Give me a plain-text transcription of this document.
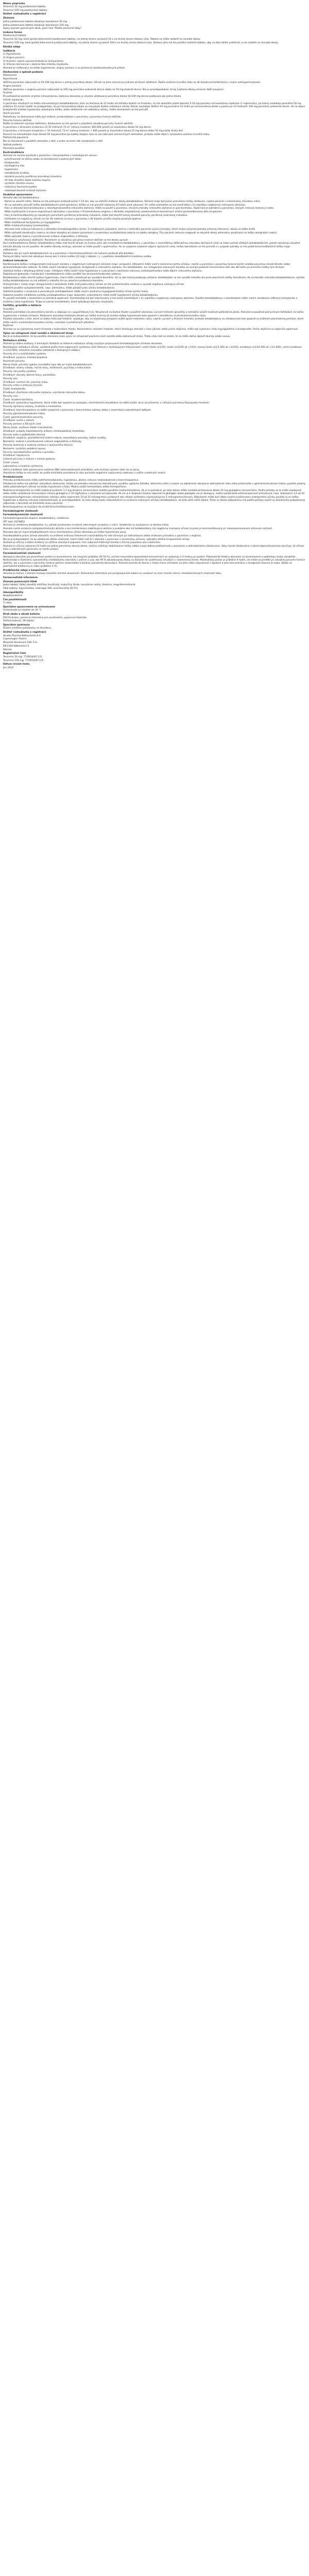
Názov prípravku
Tenormin 50 mg potahované tablety
Tenormin 100 mg potahované tablety
Držiteľ rozhodnutia o registrácii
Zloženie
Jedna potahovaná tableta obsahuje atenololum 50 mg.
Jedna potahovaná tableta obsahuje atenololum 100 mg.
Úplný zoznam pomocných látok, pozri časť "Ďalšie pomocné látky".
Liekova forma
Potahovaná tableta.
Tenormin 50 mg: biele guľaté bikonvexné potahované tablety, na jednej strane vyrazené 50 a na druhej strane deliaca ryha. Tableta sa môže rozdeliť na rovnaké dávky.
Tenormin 100 mg: biele guľaté bikonvexné potahované tablety, na jednej strane vyrazené 100 a na druhej strane deliaca ryha. Deliaca ryha má iba pomôcť rozlomiť tabletu, aby sa dala ľahšie prehltnúť, a nie rozdeliť na rovnaké dávky.
Kliniká údaje
Indikácie
1) Hypertenzia.
2) Angina pectoris.
3) Arytmie, najmä supraventrikulárne tachyarytmie.
4) Včasná intervencia v akútnej fáze infarktu myokardu.
Atenolol je indikovaný na liečbu hypertenzie, angíny pectoris a na prevenciu kardiovaskulárnych príhod.
Dávkovanie a spôsob podania
Dávkovanie
Hypertenzia
Väčšina pacientov odpovedá na 50-100 mg denne v jednej perorálnej dávke. Účinok sa plne rozvinie po jednom až dvoch týždňoch. Ďalšie zníženie krvného tlaku sa dá dosiahnuť kombináciou s inými antihypertenzívami.
Angina pectoris
Väčšina pacientov s angínou pectoris odpovedá na 100 mg perorálne jedenkrát denne alebo na 50 mg dvakrát denne. Nie je pravdepodobné, že by zvýšenie dávky prinieslo ďalší prospech.
Arytmie
Po počiatočnej kontrole arytmie intravenóznou injekciou atenololu je vhodná udržiavacia perorálna dávka 50-100 mg denne podávaná ako jedna dávka.
Infarkt myokardu
U pacientov vhodných na liečbu intravenóznym betablokátorom, ktorí sa dostavia do 12 hodín od začiatku bolesti na hrudníku, sa má okamžite podať atenolol 5-10 mg pomalou intravenóznou injekciou (1 mg/minútu), po ktorej nasleduje perorálne 50 mg približne 15 minút neskôr za predpokladu, že po intravenóznej dávke sa nevyskytli žiadne nežiaduce účinky. Potom nasleduje ďalších 50 mg perorálne 12 hodín po intravenóznej dávke a potom po 12 hodinách 100 mg perorálne jedenkrát denne. Ak sa objaví bradykardia a/alebo hypotenzia vyžadujúca liečbu, alebo akékoľvek iné nežiaduce účinky, liečba atenololom sa má prerušiť.
Starší pacienti
Požiadavky na dávkovanie môžu byť znížené, predovšetkým u pacientov s poruchou funkcie obličiek.
Porucha funkcie obličiek
Keďže sa atenolol vylučuje obličkami, dávkovanie sa má upraviť v prípadoch závažnej poruchy funkcie obličiek.
U pacientov s klírensom kreatinínu 15-35 ml/min/1,73 m² (sérový kreatinín 300-600 µmol/l) je maximálna dávka 50 mg denne.
U pacientov s klírensom kreatinínu < 15 ml/min/1,73 m² (sérový kreatinín > 600 µmol/l) je maximálna dávka 25 mg denne alebo 50 mg každý druhý deň.
Pacienti na hemodialýze majú dostať 50 mg perorálne po každej dialýze; toto sa má robiť pod nemocničným dohľadom, pretože môže dôjsť k výraznému poklesu krvného tlaku.
Pediatrická populácia
Nie sú skúsenosti s použitím atenololu u detí, a preto sa tento liek neodporúča u detí.
Spôsob podania
Perorálne použitie.
Kontraindikácie
Atenolol sa nesmie používať u pacientov s ktorýmkoľvek z nasledujúcich stavov:
- precitlivenosť na liečivo alebo na ktorúkoľvek z pomocných látok;
- bradykardia;
- kardiogénny šok;
- hypotenzia;
- metabolická acidóza;
- závažné poruchy periférnej arteriálnej cirkulácie;
- AV blok druhého alebo tretieho stupňa;
- syndróm chorého sínusu;
- neliečený feochromocytóm;
- nekompenzované srdcové zlyhanie.
Osobitné upozornenia
Atenolol ako iné betablokátory:
- Nemá sa ukončiť náhle. Dávka sa má postupne znižovať počas 7-14 dní, aby sa uľahčilo zníženie dávky betablokátora. Pacienti majú byť počas prerušenia liečby sledovaní, najmä pacienti s ischemickou chorobou srdca.
- Ak sa rozhodne prerušiť liečbu betablokátormi pred operáciou, liečba sa má prerušiť najmenej 24 hodín pred výkonom. Pri voľbe anestetika sa má zvoliť látka s čo najnižšou negatívnou inotropnou aktivitou.
- Hoci je atenolol kontraindikovaný u nekompenzovaného srdcového zlyhania, môže sa použiť u pacientov, ktorých príznaky srdcového zlyhania sú pod kontrolou. Opatrnosť je potrebná u pacientov, ktorých srdcová rezerva je nízka.
- Môže zvýšiť počet a trvanie anginóznych záchvatov u pacientov s Prinzmetalovou angínou v dôsledku nepotlačenej vazokonstrikcie koronárnych artérií sprostredkovanej alfa-receptormi.
- Hoci je kontraindikovaný pri závažných poruchách periférnej arteriálnej cirkulácie, môže tiež zhoršiť menej závažné poruchy periférnej arteriálnej cirkulácie.
- Vzhľadom na negatívny účinok na čas AV vedenia sa musí u pacientov s AV blokom prvého stupňa používať opatrne.
- Môže modifikovať tachykardiu pri hypoglykémii.
- Môže maskovať prejavy tyreotoxikózy.
- Atenolol zníži srdcovú frekvenciu v dôsledku farmakologického účinku. V zriedkavých prípadoch, keď sa u liečeného pacienta vyvinú príznaky, ktoré možno pripísať pomalej srdcovej frekvencii, dávka sa môže znížiť.
- Môže spôsobiť závažnejšiu reakciu na rôzne alergény pri podaní pacientom s anamnézou anafylaktickej reakcie na takéto alergény. Títo pacienti nemusia reagovať na obvyklé dávky adrenalínu používané na liečbu alergických reakcií.
- Môže spôsobiť reakciu z precitlivenosti vrátane angioedému a žihľavky.
- Atenolol je vylučovaný obličkami. Pacientom so závažnou poruchou funkcie obličiek sa má dávka upraviť.
Hoci kardioselektívne (beta1) betablokátory môžu mať menší účinok na funkciu pľúc ako neselektívne betablokátory, u pacientov s reverzibilnou obštrukčnou chorobou dýchacích ciest sa treba vyhnúť všetkým betablokátorom, pokiaľ neexistujú závažné klinické dôvody na ich použitie. Ak takéto dôvody existujú, atenolol sa môže použiť s opatrnosťou. Ak sa vyskytne zvýšenie odporu dýchacích ciest, liečba atenololom sa má prerušiť a v prípade potreby sa má podať bronchodilatačná liečba (napr. salbutamol).
Podobne ako pri iných betablokátoroch sa u pacientov s feochromocytómom má súčasne podávať alfa-blokátor.
Pomocné látky: tento liek obsahuje menej ako 1 mmol sodíka (23 mg) v tablete, t.j. v podstate zanedbateľné množstvo sodíka.
Liekové interakcie
Kombinovaná liečba s antagonistami kalciových kanálov s negatívnym inotropným účinkom (napr. verapamil, diltiazem) môže viesť k zosilneniu týchto účinkov, najmä u pacientov s poruchou funkcie komôr a/alebo poruchou sinoatriálneho alebo atrioventrikulárneho vedenia. To môže viesť k závažnej hypotenzii, bradykardii a srdcovému zlyhaniu. Ani betablokátor, ani antagonista kalciových kanálov sa nemajú podávať intravenózne skôr ako 48 hodín po prerušení liečby tým druhým.
Súbežná liečba s dihydropyridínmi (napr. nifedipín) môže zvýšiť riziko hypotenzie a u pacientov s latentnou srdcovou nedostatočnosťou môže dôjsť k srdcovému zlyhaniu.
Digitálisové glykozidy v kombinácii s betablokátormi môžu predĺžiť čas atrioventrikulárneho vedenia.
Betablokátory môžu zhoršiť spätnú hypertenziu, ktorá môže nasledovať po vysadení klonidínu. Ak sa obe liečivá podávajú súčasne, betablokátor sa má vysadiť niekoľko dní pred ukončením liečby klonidínom. Ak sa klonidín nahrádza betablokátorom, začatie liečby betablokátorom sa má oddialiť o niekoľko dní po ukončení podávania klonidínu.
Antiarytmiká I. triedy (napr. dizopyramid) a amiodarón môžu mať potenciačný účinok na čas predsieňového vedenia a vyvolať negatívny inotropný účinok.
Súbežné použitie sympatomimetík, napr. adrenalínu, môže pôsobiť proti účinku betablokátorov.
Súbežné použitie s inzulínom a perorálnymi antidiabetikami môže viesť k zosilneniu hypoglykemického účinku týchto liekov.
Súbežné použitie inhibítorov syntézy prostaglandínov (napr. ibuprofén, indometacín) môže znížiť hypotenzné účinky betablokátorov.
Pri použití anestetík s atenololom je potrebná opatrnosť. Anesteziológ má byť informovaný a má zvoliť anestetikum s čo najnižšou negatívnou inotropnou aktivitou. Použitie betablokátorov s anestetikami môže viesť k zoslabeniu reflexnej tachykardie a zvýšeniu rizika hypotenzie. Treba sa vyhnúť anestetikám, ktoré spôsobujú depresiu myokardu.
Fertilita, gravidita a laktácia
Gravidita
Atenolol prechádza cez placentárnu bariéru a objavuje sa v pupočníkovej krvi. Nevykonali sa žiadne štúdie s použitím atenololu v prvom trimestri gravidity a nemožno vylúčiť možnosť poškodenia plodu. Atenolol sa používal pod prísnym dohľadom na liečbu hypertenzie v treťom trimestri. Podávanie atenololu tehotným ženám pri liečbe miernej až stredne ťažkej hypertenzie bolo spojené s retardáciou vnútromaternicového rastu.
Použitie atenololu u žien, ktoré sú alebo môžu byť tehotné, vyžaduje, aby sa očakávaný prospech zvážil oproti možnému riziku, najmä v prvom a druhom trimestri, pretože betablokátory vo všeobecnosti boli spojené so znížením placentárnej perfúzie, ktoré môže viesť k vnútromaternicovému úmrtiu, nezrelým a predčasným pôrodom.
Dojčenie
Atenolol sa vo významnej miere hromadí v materskom mlieku. Novorodenci narodení matkám, ktoré dostávajú atenolol v čase pôrodu alebo počas dojčenia, môžu byť vystavení riziku hypoglykémie a bradykardie. Počas dojčenia sa odporúča opatrnosť.
Vplyv na schopnosť viesť vozidlá a obsluhovať stroje
Nie je pravdepodobné, že by použitie atenololu malo vplyv na schopnosť pacienta viesť vozidlá alebo obsluhovať stroje. Treba však mať na zreteli, že sa môžu občas objaviť závraty alebo únava.
Nežiaduce účinky
Atenolol je dobre znášaný. V klinických štúdiách sú hlásené nežiaduce účinky zvyčajne pripisované farmakologickým účinkom atenololu.
Nasledujúce nežiaduce účinky, uvedené podľa tried orgánových systémov, boli hlásené s nasledujúcimi frekvenciami: veľmi časté (≥1/10), časté (≥1/100 až <1/10), menej časté (≥1/1 000 až <1/100), zriedkavé (≥1/10 000 až <1/1 000), veľmi zriedkavé (<1/10 000), neznáme (nemožno odhadnúť z dostupných údajov).
Poruchy krvi a lymfatického systému
Zriedkavé: purpura, trombocytopénia.
Psychické poruchy
Menej časté: poruchy spánku rovnakého typu ako pri iných betablokátoroch.
Zriedkavé: zmeny nálady, nočné mory, zmätenosť, psychózy a halucinácie.
Poruchy nervového systému
Zriedkavé: závraty, bolesti hlavy, parestézia.
Poruchy oka
Zriedkavé: suchosť očí, poruchy zraku.
Poruchy srdca a srdcovej činnosti
Časté: bradykardia.
Zriedkavé: zhoršenie srdcového zlyhania, urýchlenie srdcového bloku.
Poruchy ciev
Časté: studené končatiny.
Zriedkavé: posturálna hypotenzia, ktorá môže byť spojená so synkopou, intermitentná klaudikácia sa môže zvýšiť, ak je už prítomná, u citlivých pacientov Raynaudov fenomén.
Poruchy dýchacej sústavy, hrudníka a mediastína
Zriedkavé: bronchospazmus sa môže vyskytnúť u pacientov s bronchiálnou astmou alebo s anamnézou astmatických ťažkostí.
Poruchy gastrointestinálneho traktu
Časté: gastrointestinálne poruchy.
Zriedkavé: sucho v ústach.
Poruchy pečene a žlčových ciest
Menej časté: zvýšenie hladín transamináz.
Zriedkavé: prípady hepatotoxicity vrátane intrahepatálnej cholestázy.
Poruchy kože a podkožného tkaniva
Zriedkavé: alopécia, psoriatiformné kožné reakcie, exacerbácia psoriázy, kožné vyrážky.
Neznáme: reakcie z precitlivenosti vrátane angioedému a žihľavky.
Poruchy kostrovej a svalovej sústavy a spojivového tkaniva
Neznáme: syndróm podobný lupusu.
Poruchy reprodukčného systému a prsníkov
Zriedkavé: impotencia.
Celkové poruchy a reakcie v mieste podania
Časté: únava.
Laboratórne a funkčné vyšetrenia
Veľmi zriedkavé: bolo pozorované zvýšenie ANA (antinukleárnych protilátok), jeho klinický význam však nie je jasný.
Ukončenie liečby sa má zvážiť, ak podľa klinického posúdenia je stav pacienta negatívne ovplyvnený niektorou z vyššie uvedených reakcií.
Predávkovanie
Príznaky predávkovania môžu zahŕňať bradykardiu, hypotenziu, akútnu srdcovú nedostatočnosť a bronchospazmus.
Všeobecná liečba má zahŕňať: starostlivé sledovanie, liečbu na jednotke intenzívnej starostlivosti, použitie výplachu žalúdka, aktívneho uhlia a laxatív na zabránenie absorpcie akéhokoľvek lieku stále prítomného v gastrointestinálnom trakte, použitie plazmy alebo plazmatických náhrad na liečbu hypotenzie a šoku. Možno zvážiť hemodialýzu alebo hemoperfúziu.
Nadmerná bradykardia sa môže zvládnuť podaním 1-2 mg atropínu intravenózne a/alebo použitím kardiostimulátora. Ak je to potrebné, po tejto dávke môže nasledovať bolusová dávka 10 mg glukagónu intravenózne. Podľa potreby sa to môže zopakovať alebo môže nasledovať intravenózna infúzia glukagónu 1-10 mg/hodinu v závislosti od odpovede. Ak nie je k dispozícii žiadna odpoveď na glukagón alebo glukagón nie je dostupný, možno podať beta-adrenoceptorové stimulanciá, napr. dobutamín 2,5 až 10 mikrogramov/kg/minútu intravenóznou infúziou alebo izoprenalín 10 až 25 mikrogramov podaných ako infúzia rýchlosťou neprevyšujúcou 5 mikrogramov/minútu. Dobutamín môže byť vďaka svojmu pozitívnemu inotropnému účinku použitý aj na liečbu hypotenzie a akútnej srdcovej nedostatočnosti. Je pravdepodobné, že tieto dávky budú nedostatočné na zvrátenie srdcových účinkov betablokátora, ak bola užitá veľká dávka. Preto sa dávka dobutamínu má podľa potreby zvýšiť na dosiahnutie požadovanej odpovede v závislosti od klinického stavu pacienta.
Bronchospazmus sa zvyčajne dá zvrátiť bronchodilatanciami.
Farmakologické vlastnosti
Farmakodynamické vlastnosti
Farmakoterapeutická skupina: betablokátory, selektívne
ATC kód: C07AB03
Atenolol je selektívny betablokátor (t.j. pôsobí prednostne na beta1 adrenergné receptory v srdci). Selektivita sa zvyšujúcou sa dávkou klesá.
Atenolol nemá vnútornú sympatomimetickú aktivitu a ani membránovo stabilizujúcu aktivitu a podobne ako iné betablokátory má negatívny inotropný účinok (a preto je kontraindikovaný pri nekompenzovanom srdcovom zlyhaní).
Rovnako ako pri iných betablokátoroch nie je mechanizmus účinku atenololu pri liečbe hypertenzie jasný.
Pravdepodobne práve účinok atenololu na zníženie srdcovej frekvencie a kontraktility ho robí účinným pri odstraňovaní alebo znižovaní príznakov u pacientov s angínou.
Nie je pravdepodobné, že by akékoľvek ďalšie vlastnosti, ktoré môže mať S(-) atenolol v porovnaní s racemickou zmesou, spôsobili odlišné terapeutické účinky.
Atenolol je účinný a dobre znášaný vo väčšine etnických populácií, hoci odpoveď môže byť menšia u čiernej populácie ako u belochov.
Atenolol je účinný najmenej 24 hodín po jednej perorálnej dennej dávke. Liečivo uľahčuje dodržiavanie liečby vďaka svojej dobrej znášanlivosti u pacientov a jednoduchému dávkovaniu. Úzky rozsah dávkovania a skorá odpoveď pacienta zaručujú, že účinok lieku u jednotlivých pacientov sa rýchlo prejaví.
Farmakokinetické vlastnosti
Absorpcia atenololu po perorálnom podaní je konzistentná, ale neúplná (približne 40-50 %), pričom maximálne plazmatické koncentrácie sa vyskytujú 2-4 hodiny po podaní. Plazmatické hladiny atenololu sú konzistentné a podliehajú malej variabilite. Nedochádza k žiadnemu významnému metabolizmu atenololu v pečeni a viac ako 90 % absorbovanej dávky sa dostane do systémovej cirkulácie v nezmenenej forme. Plazmatický polčas je približne 6 hodín, ale môže sa predĺžiť pri závažnej poruche funkcie obličiek, ale u pacientov s poruchou funkcie pečene nedochádza k žiadnej významnej akumulácii. Atenolol preniká do tkanív v malej miere vzhľadom na jeho nízku rozpustnosť v lipidoch a jeho koncentrácia v mozgovom tkanive je nízka. Väzba na plazmatické bielkoviny je nízka (približne 3 %).
Predklinické údaje o bezpečnosti
Atenolol je liečivo, s ktorým existujú rozsiahle klinické skúsenosti. Relevantné informácie pre predpisujúceho lekára sú uvedené na inom mieste súhrnu charakteristických vlastností lieku.
Farmaceutické informácie
Zoznam pomocných látok
Jadro tablety: ťažký zásaditý uhličitan horečnatý, kukuričný škrob, laurylsíran sodný, želatína, magnéziumstearát.
Obal tablety: hypromelóza, makrogol 300, oxid titaničitý (E171).
Inkompatibility
Neaplikovateľné.
Čas použiteľnosti
5 rokov.
Špeciálne upozornenia na uchovávanie
Uchovávajte pri teplote do 30 °C.
Druh obalu a obsah balenia
PVC/Al blister, písomná informácia pre používateľa, papierová škatuľka.
Veľkosť balenia: 28 tabliet.
Špeciálne opatrenia
Žiadne zvláštne požiadavky na likvidáciu.
Držiteľ rozhodnutia o registrácii
Atnahs Pharma Netherlands B.V.
Copenhagen Towers
Ørestads Boulevard 108, 5.tv
DK-2300 København S
Dánsko
Registračné čísla
Tenormin 50 mg: 77/0014/87-C/S
Tenormin 100 mg: 77/0015/87-C/S
Dátum revízie textu
Jún 2023
